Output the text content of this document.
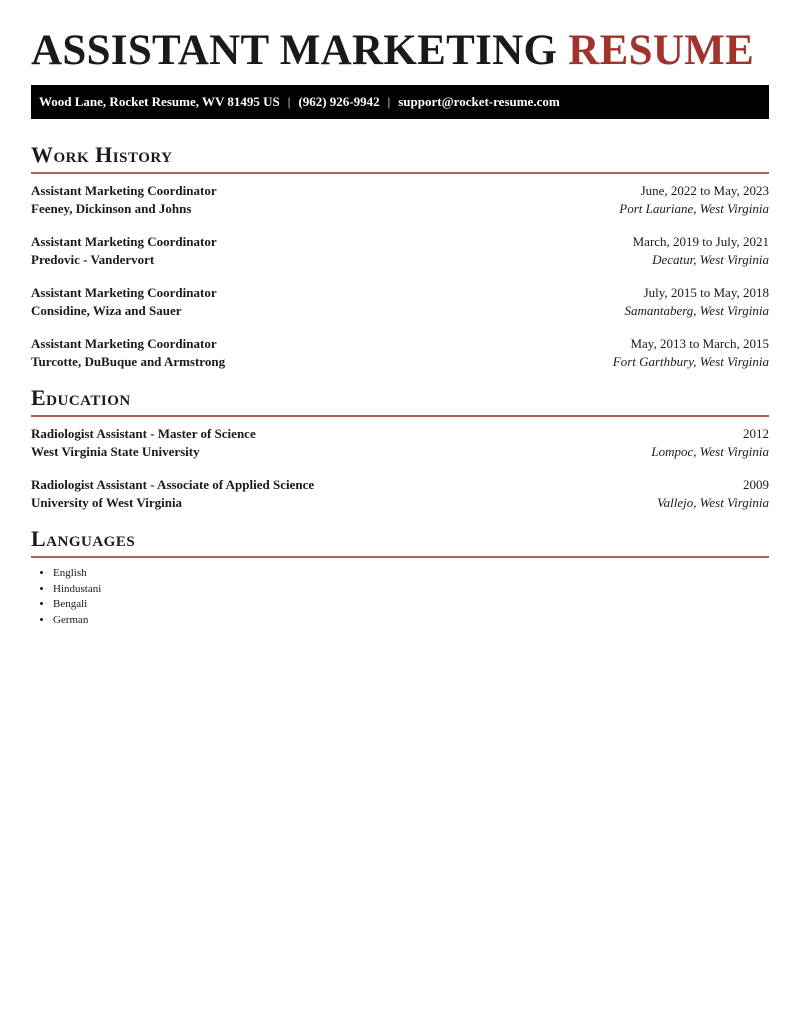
ASSISTANT MARKETING RESUME
Wood Lane, Rocket Resume, WV 81495 US | (962) 926-9942 | support@rocket-resume.com
Work History
Assistant Marketing Coordinator	June, 2022 to May, 2023
Feeney, Dickinson and Johns	Port Lauriane, West Virginia
Assistant Marketing Coordinator	March, 2019 to July, 2021
Predovic - Vandervort	Decatur, West Virginia
Assistant Marketing Coordinator	July, 2015 to May, 2018
Considine, Wiza and Sauer	Samantaberg, West Virginia
Assistant Marketing Coordinator	May, 2013 to March, 2015
Turcotte, DuBuque and Armstrong	Fort Garthbury, West Virginia
Education
Radiologist Assistant - Master of Science	2012
West Virginia State University	Lompoc, West Virginia
Radiologist Assistant - Associate of Applied Science	2009
University of West Virginia	Vallejo, West Virginia
Languages
• English
• Hindustani
• Bengali
• German
